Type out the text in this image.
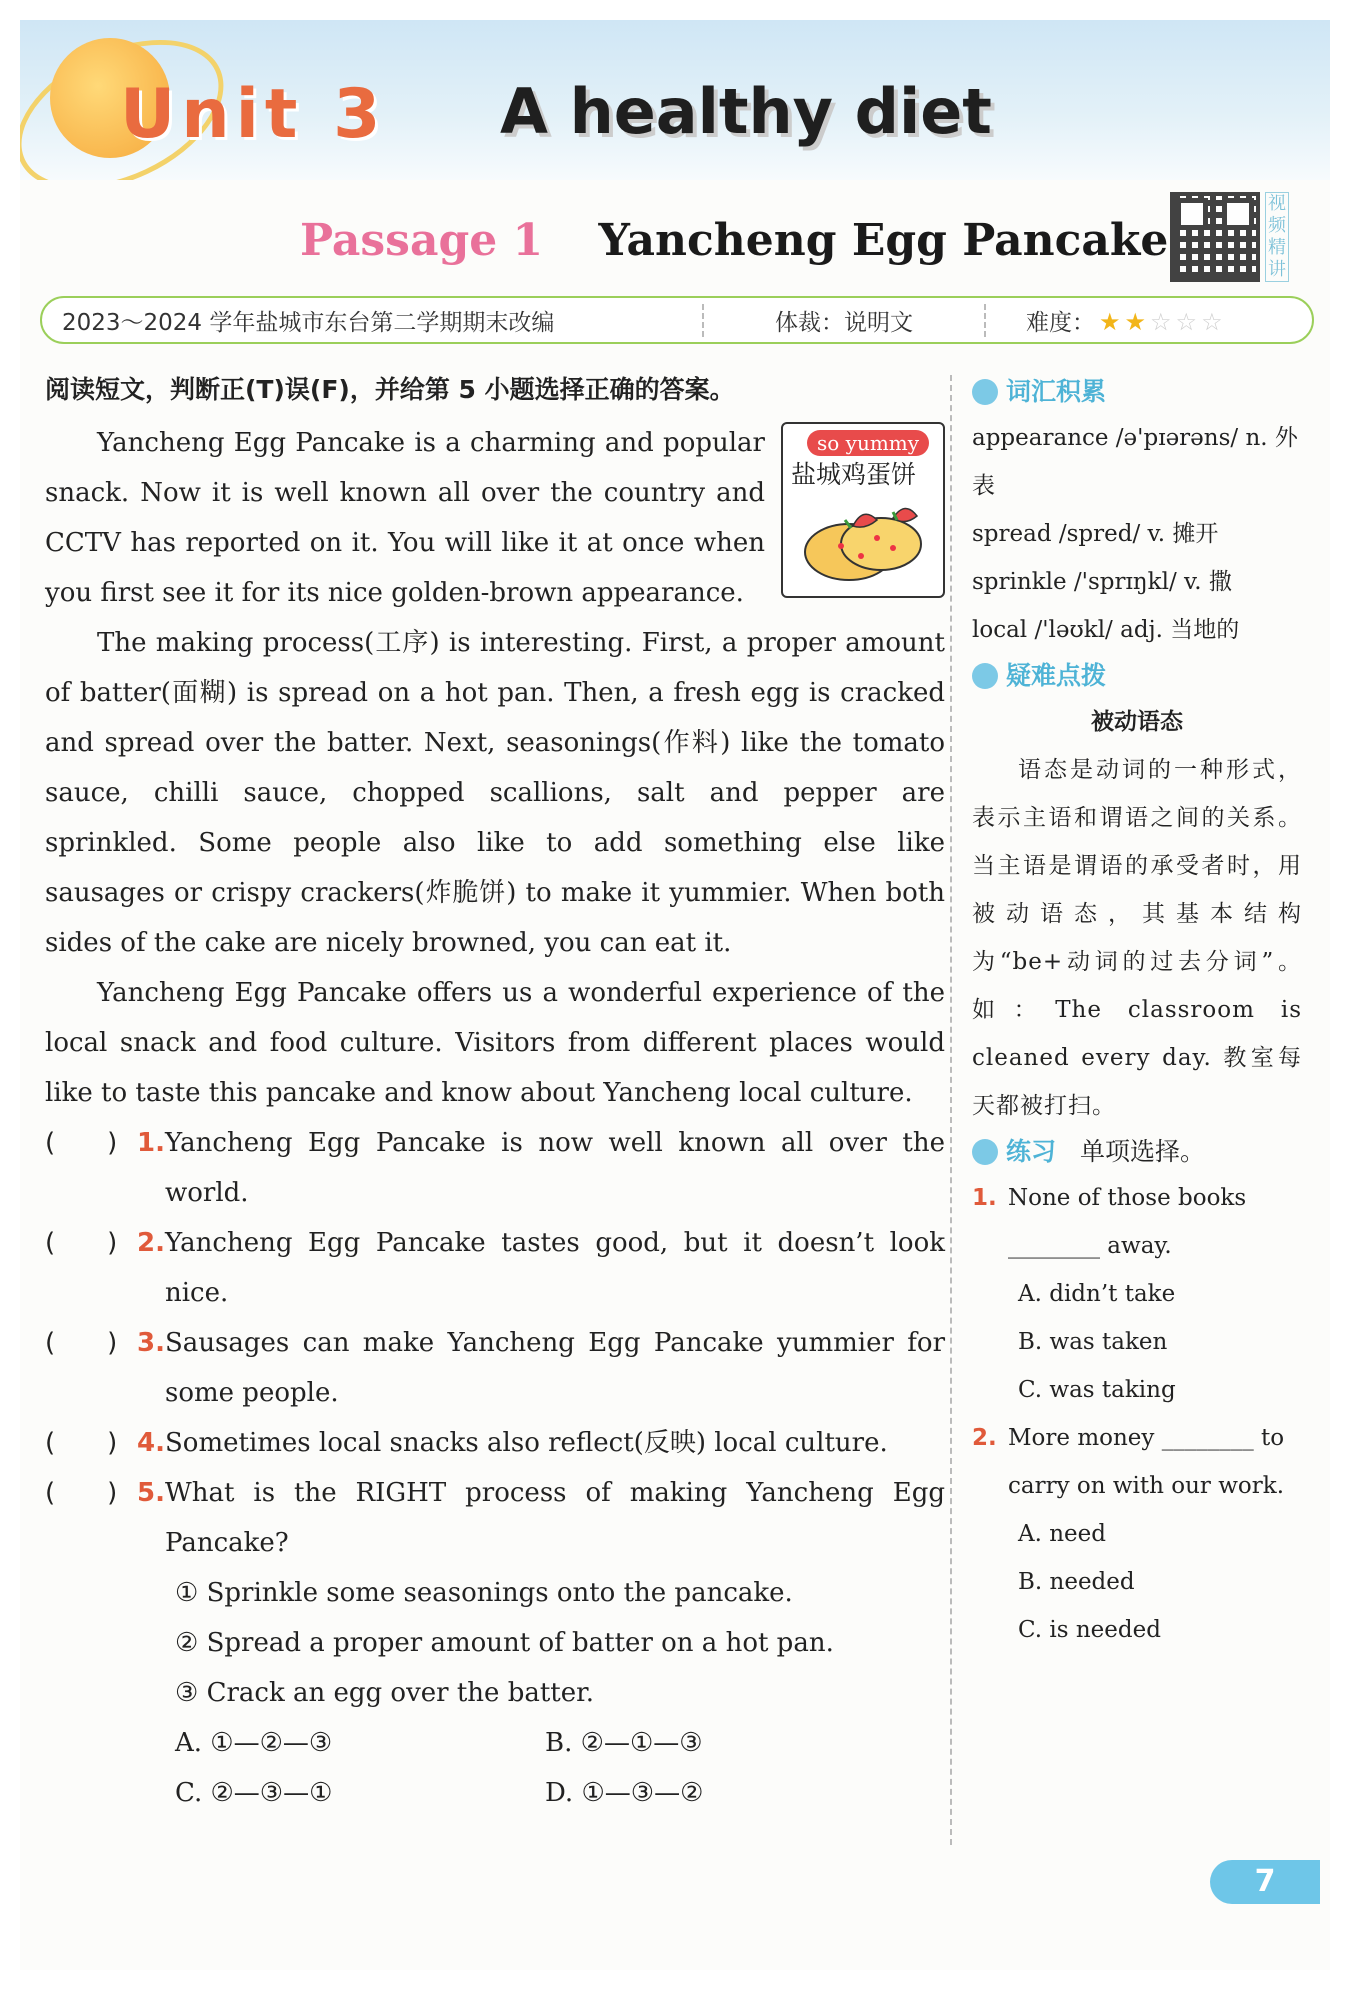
Unit 3 A healthy diet
Passage 1 Yancheng Egg Pancake
视频精讲
2023～2024 学年盐城市东台第二学期期末改编	体裁：说明文	难度： ★ ★ ☆ ☆ ☆
阅读短文，判断正(T)误(F)，并给第 5 小题选择正确的答案。

so yummy
盐城鸡蛋饼
Yancheng Egg Pancake is a charming and popular snack. Now it is well known all over the country and CCTV has reported on it. You will like it at once when you first see it for its nice golden-brown appearance.

The making process(工序) is interesting. First, a proper amount of batter(面糊) is spread on a hot pan. Then, a fresh egg is cracked and spread over the batter. Next, seasonings(作料) like the tomato sauce, chilli sauce, chopped scallions, salt and pepper are sprinkled. Some people also like to add something else like sausages or crispy crackers(炸脆饼) to make it yummier. When both sides of the cake are nicely browned, you can eat it.

Yancheng Egg Pancake offers us a wonderful experience of the local snack and food culture. Visitors from different places would like to taste this pancake and know about Yancheng local culture.

(　　) 1. Yancheng Egg Pancake is now well known all over the world.
(　　) 2. Yancheng Egg Pancake tastes good, but it doesn’t look nice.
(　　) 3. Sausages can make Yancheng Egg Pancake yummier for some people.
(　　) 4. Sometimes local snacks also reflect(反映) local culture.
(　　) 5. What is the RIGHT process of making Yancheng Egg Pancake?
① Sprinkle some seasonings onto the pancake.
② Spread a proper amount of batter on a hot pan.
③ Crack an egg over the batter.
A. ①—②—③	B. ②—①—③
C. ②—③—①	D. ①—③—②
词汇积累
appearance /ə'pɪərəns/ n. 外表
spread /spred/ v. 摊开
sprinkle /'sprɪŋkl/ v. 撒
local /'ləʊkl/ adj. 当地的
疑难点拨
被动语态
语态是动词的一种形式，表示主语和谓语之间的关系。当主语是谓语的承受者时，用被动语态，其基本结构为“be+动词的过去分词”。如：The classroom is cleaned every day. 教室每天都被打扫。
练习 单项选择。
1. None of those books ________ away.
A. didn’t take
B. was taken
C. was taking
2. More money ________ to carry on with our work.
A. need
B. needed
C. is needed
7
